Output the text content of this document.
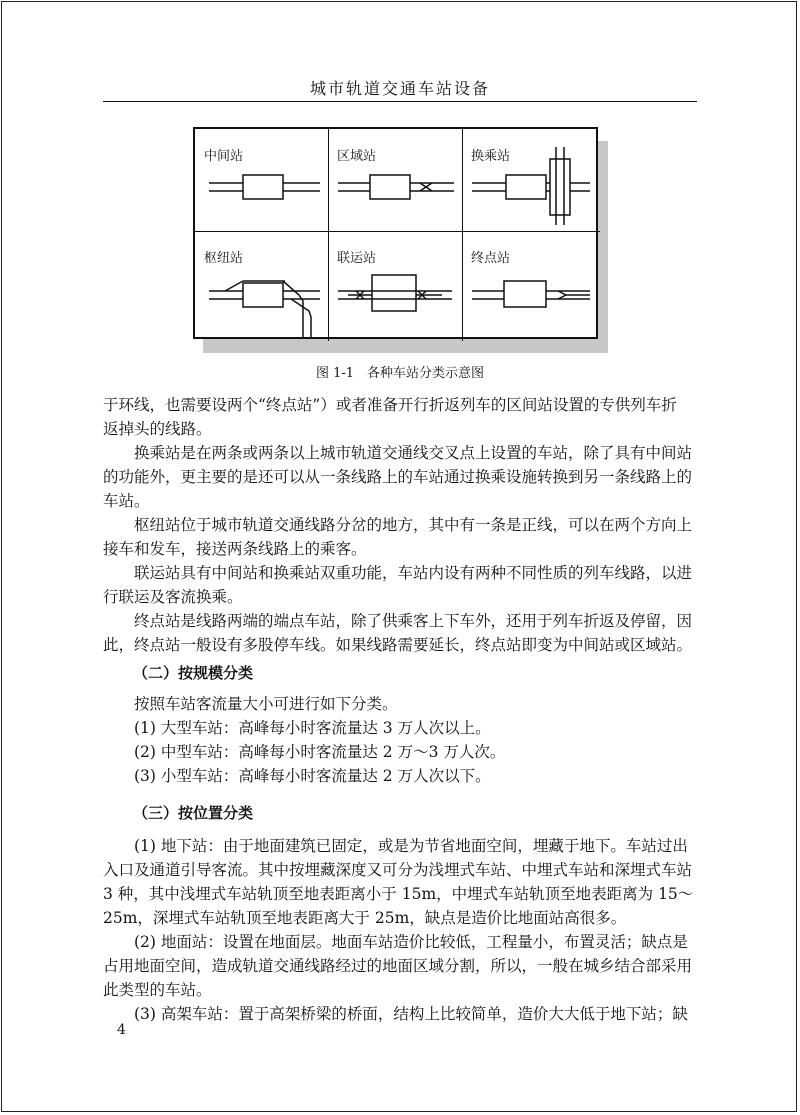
城市轨道交通车站设备
中间站	区域站	换乘站
枢纽站	联运站	终点站
图 1-1　各种车站分类示意图
于环线，也需要设两个“终点站”）或者准备开行折返列车的区间站设置的专供列车折
返掉头的线路。
　　换乘站是在两条或两条以上城市轨道交通线交叉点上设置的车站，除了具有中间站
的功能外，更主要的是还可以从一条线路上的车站通过换乘设施转换到另一条线路上的
车站。
　　枢纽站位于城市轨道交通线路分岔的地方，其中有一条是正线，可以在两个方向上
接车和发车，接送两条线路上的乘客。
　　联运站具有中间站和换乘站双重功能，车站内设有两种不同性质的列车线路，以进
行联运及客流换乘。
　　终点站是线路两端的端点车站，除了供乘客上下车外，还用于列车折返及停留，因
此，终点站一般设有多股停车线。如果线路需要延长，终点站即变为中间站或区域站。
（二）按规模分类
　　按照车站客流量大小可进行如下分类。
　　(1) 大型车站：高峰每小时客流量达 3 万人次以上。
　　(2) 中型车站：高峰每小时客流量达 2 万～3 万人次。
　　(3) 小型车站：高峰每小时客流量达 2 万人次以下。
（三）按位置分类
　　(1) 地下站：由于地面建筑已固定，或是为节省地面空间，埋藏于地下。车站过出
入口及通道引导客流。其中按埋藏深度又可分为浅埋式车站、中埋式车站和深埋式车站
3 种，其中浅埋式车站轨顶至地表距离小于 15m，中埋式车站轨顶至地表距离为 15～
25m，深埋式车站轨顶至地表距离大于 25m，缺点是造价比地面站高很多。
　　(2) 地面站：设置在地面层。地面车站造价比较低，工程量小，布置灵活；缺点是
占用地面空间，造成轨道交通线路经过的地面区域分割，所以，一般在城乡结合部采用
此类型的车站。
　　(3) 高架车站：置于高架桥梁的桥面，结构上比较简单，造价大大低于地下站；缺
4
